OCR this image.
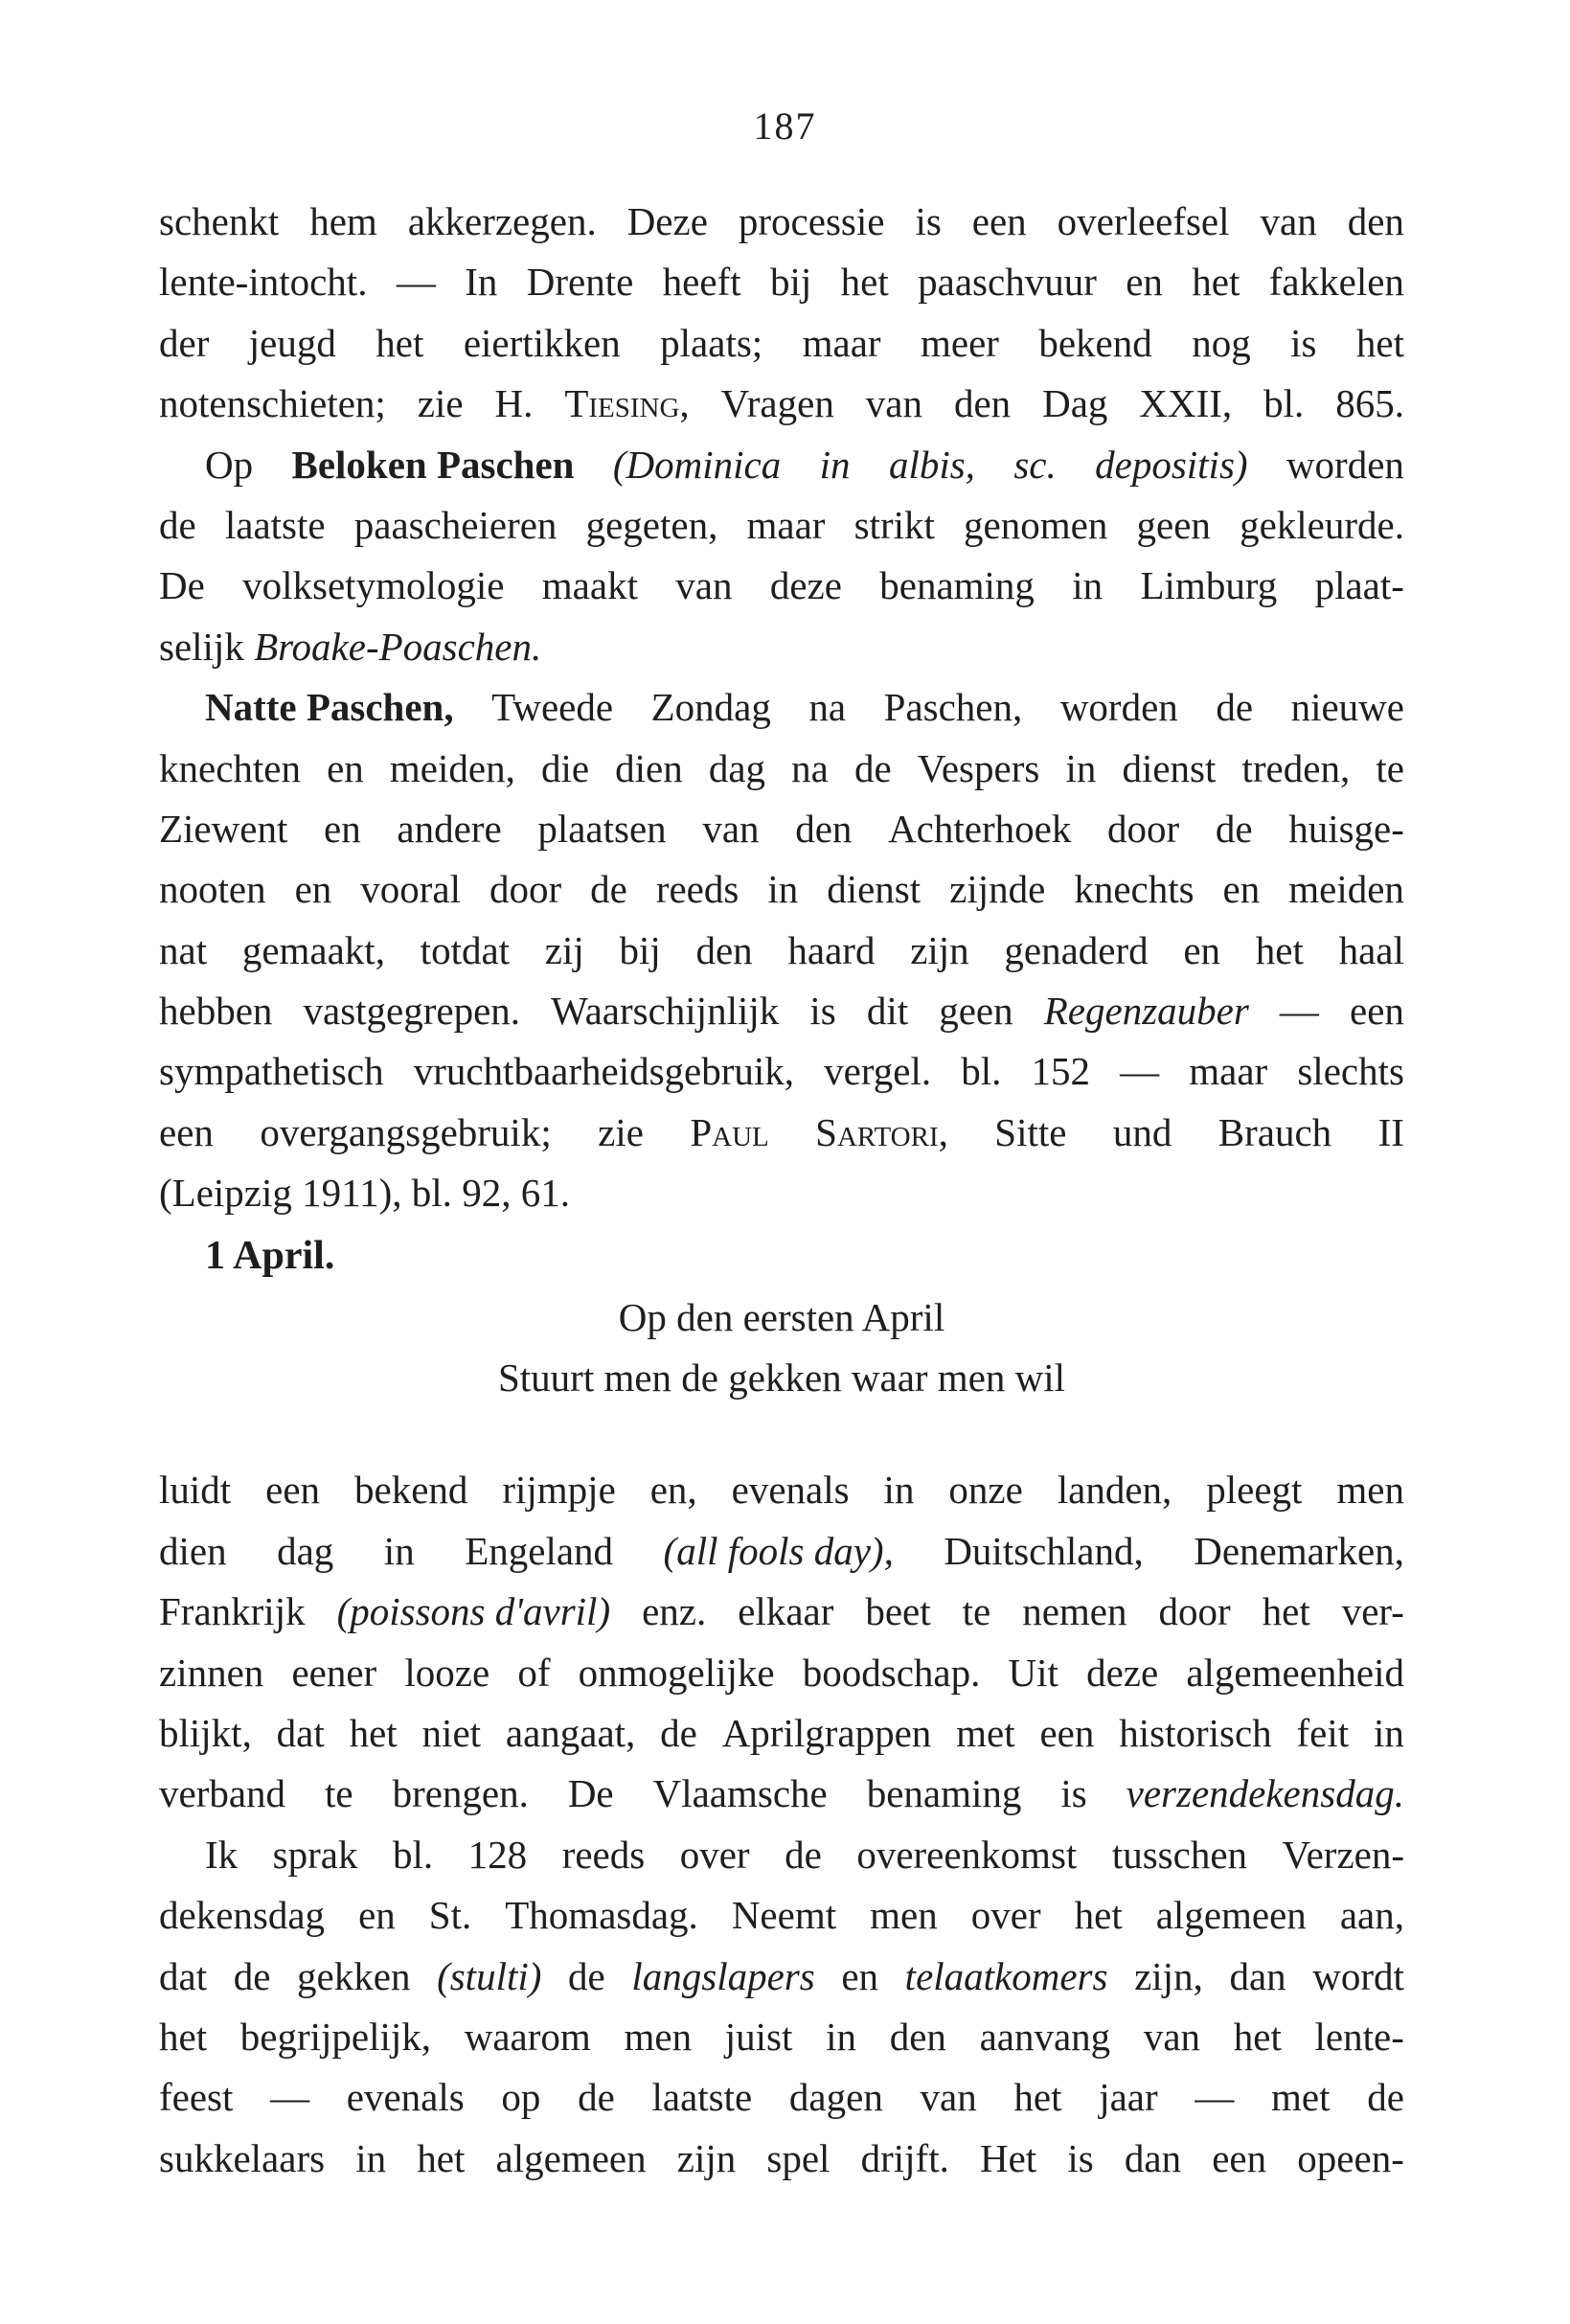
187
schenkt hem akkerzegen. Deze processie is een overleefsel van den
lente-intocht. — In Drente heeft bij het paaschvuur en het fakkelen
der jeugd het eiertikken plaats; maar meer bekend nog is het
notenschieten; zie H. Tiesing, Vragen van den Dag XXII, bl. 865.
Op Beloken Paschen (Dominica in albis, sc. depositis) worden
de laatste paascheieren gegeten, maar strikt genomen geen gekleurde.
De volksetymologie maakt van deze benaming in Limburg plaat-
selijk Broake-Poaschen.
Natte Paschen, Tweede Zondag na Paschen, worden de nieuwe
knechten en meiden, die dien dag na de Vespers in dienst treden, te
Ziewent en andere plaatsen van den Achterhoek door de huisge-
nooten en vooral door de reeds in dienst zijnde knechts en meiden
nat gemaakt, totdat zij bij den haard zijn genaderd en het haal
hebben vastgegrepen. Waarschijnlijk is dit geen Regenzauber — een
sympathetisch vruchtbaarheidsgebruik, vergel. bl. 152 — maar slechts
een overgangsgebruik; zie Paul Sartori, Sitte und Brauch II
(Leipzig 1911), bl. 92, 61.
1 April.
Op den eersten April
Stuurt men de gekken waar men wil
luidt een bekend rijmpje en, evenals in onze landen, pleegt men
dien dag in Engeland (all fools day), Duitschland, Denemarken,
Frankrijk (poissons d'avril) enz. elkaar beet te nemen door het ver-
zinnen eener looze of onmogelijke boodschap. Uit deze algemeenheid
blijkt, dat het niet aangaat, de Aprilgrappen met een historisch feit in
verband te brengen. De Vlaamsche benaming is verzendekensdag.
Ik sprak bl. 128 reeds over de overeenkomst tusschen Verzen-
dekensdag en St. Thomasdag. Neemt men over het algemeen aan,
dat de gekken (stulti) de langslapers en telaatkomers zijn, dan wordt
het begrijpelijk, waarom men juist in den aanvang van het lente-
feest — evenals op de laatste dagen van het jaar — met de
sukkelaars in het algemeen zijn spel drijft. Het is dan een opeen-
